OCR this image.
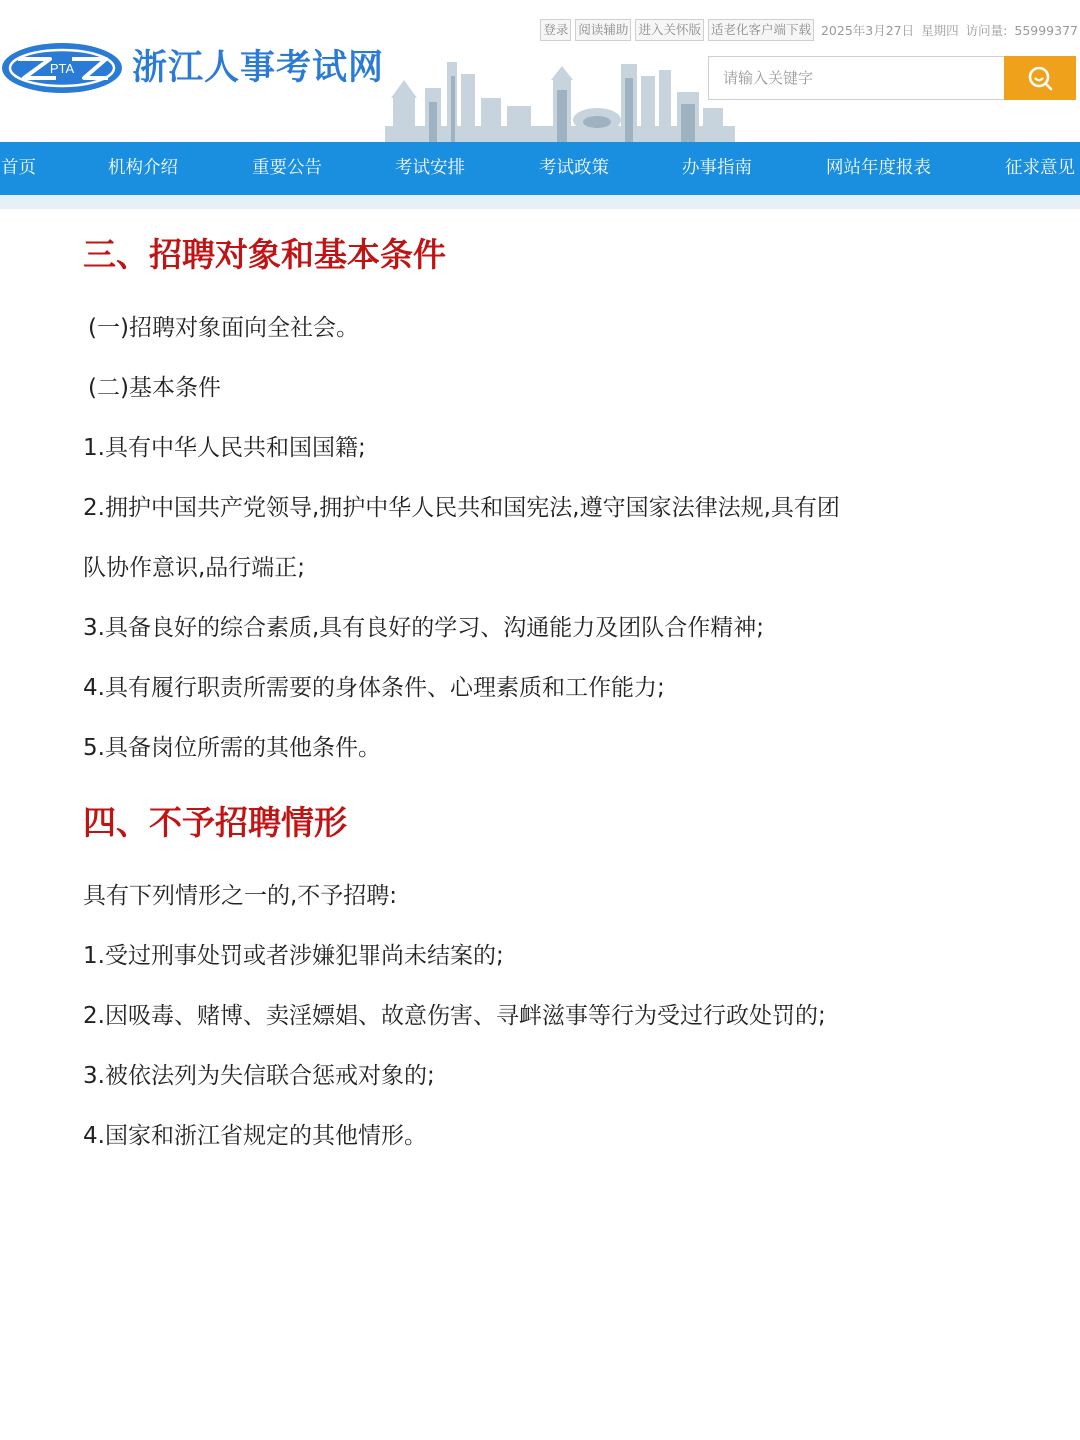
登录 阅读辅助 进入关怀版 适老化客户端下载 2025年3月27日 星期四 访问量: 55999377
PTA 浙江人事考试网
请输入关键字
首页	机构介绍	重要公告	考试安排	考试政策	办事指南	网站年度报表	征求意见
三、招聘对象和基本条件

(一)招聘对象面向全社会。

(二)基本条件

1.具有中华人民共和国国籍;

2.拥护中国共产党领导,拥护中华人民共和国宪法,遵守国家法律法规,具有团

队协作意识,品行端正;

3.具备良好的综合素质,具有良好的学习、沟通能力及团队合作精神;

4.具有履行职责所需要的身体条件、心理素质和工作能力;

5.具备岗位所需的其他条件。

四、不予招聘情形

具有下列情形之一的,不予招聘:

1.受过刑事处罚或者涉嫌犯罪尚未结案的;

2.因吸毒、赌博、卖淫嫖娼、故意伤害、寻衅滋事等行为受过行政处罚的;

3.被依法列为失信联合惩戒对象的;

4.国家和浙江省规定的其他情形。
